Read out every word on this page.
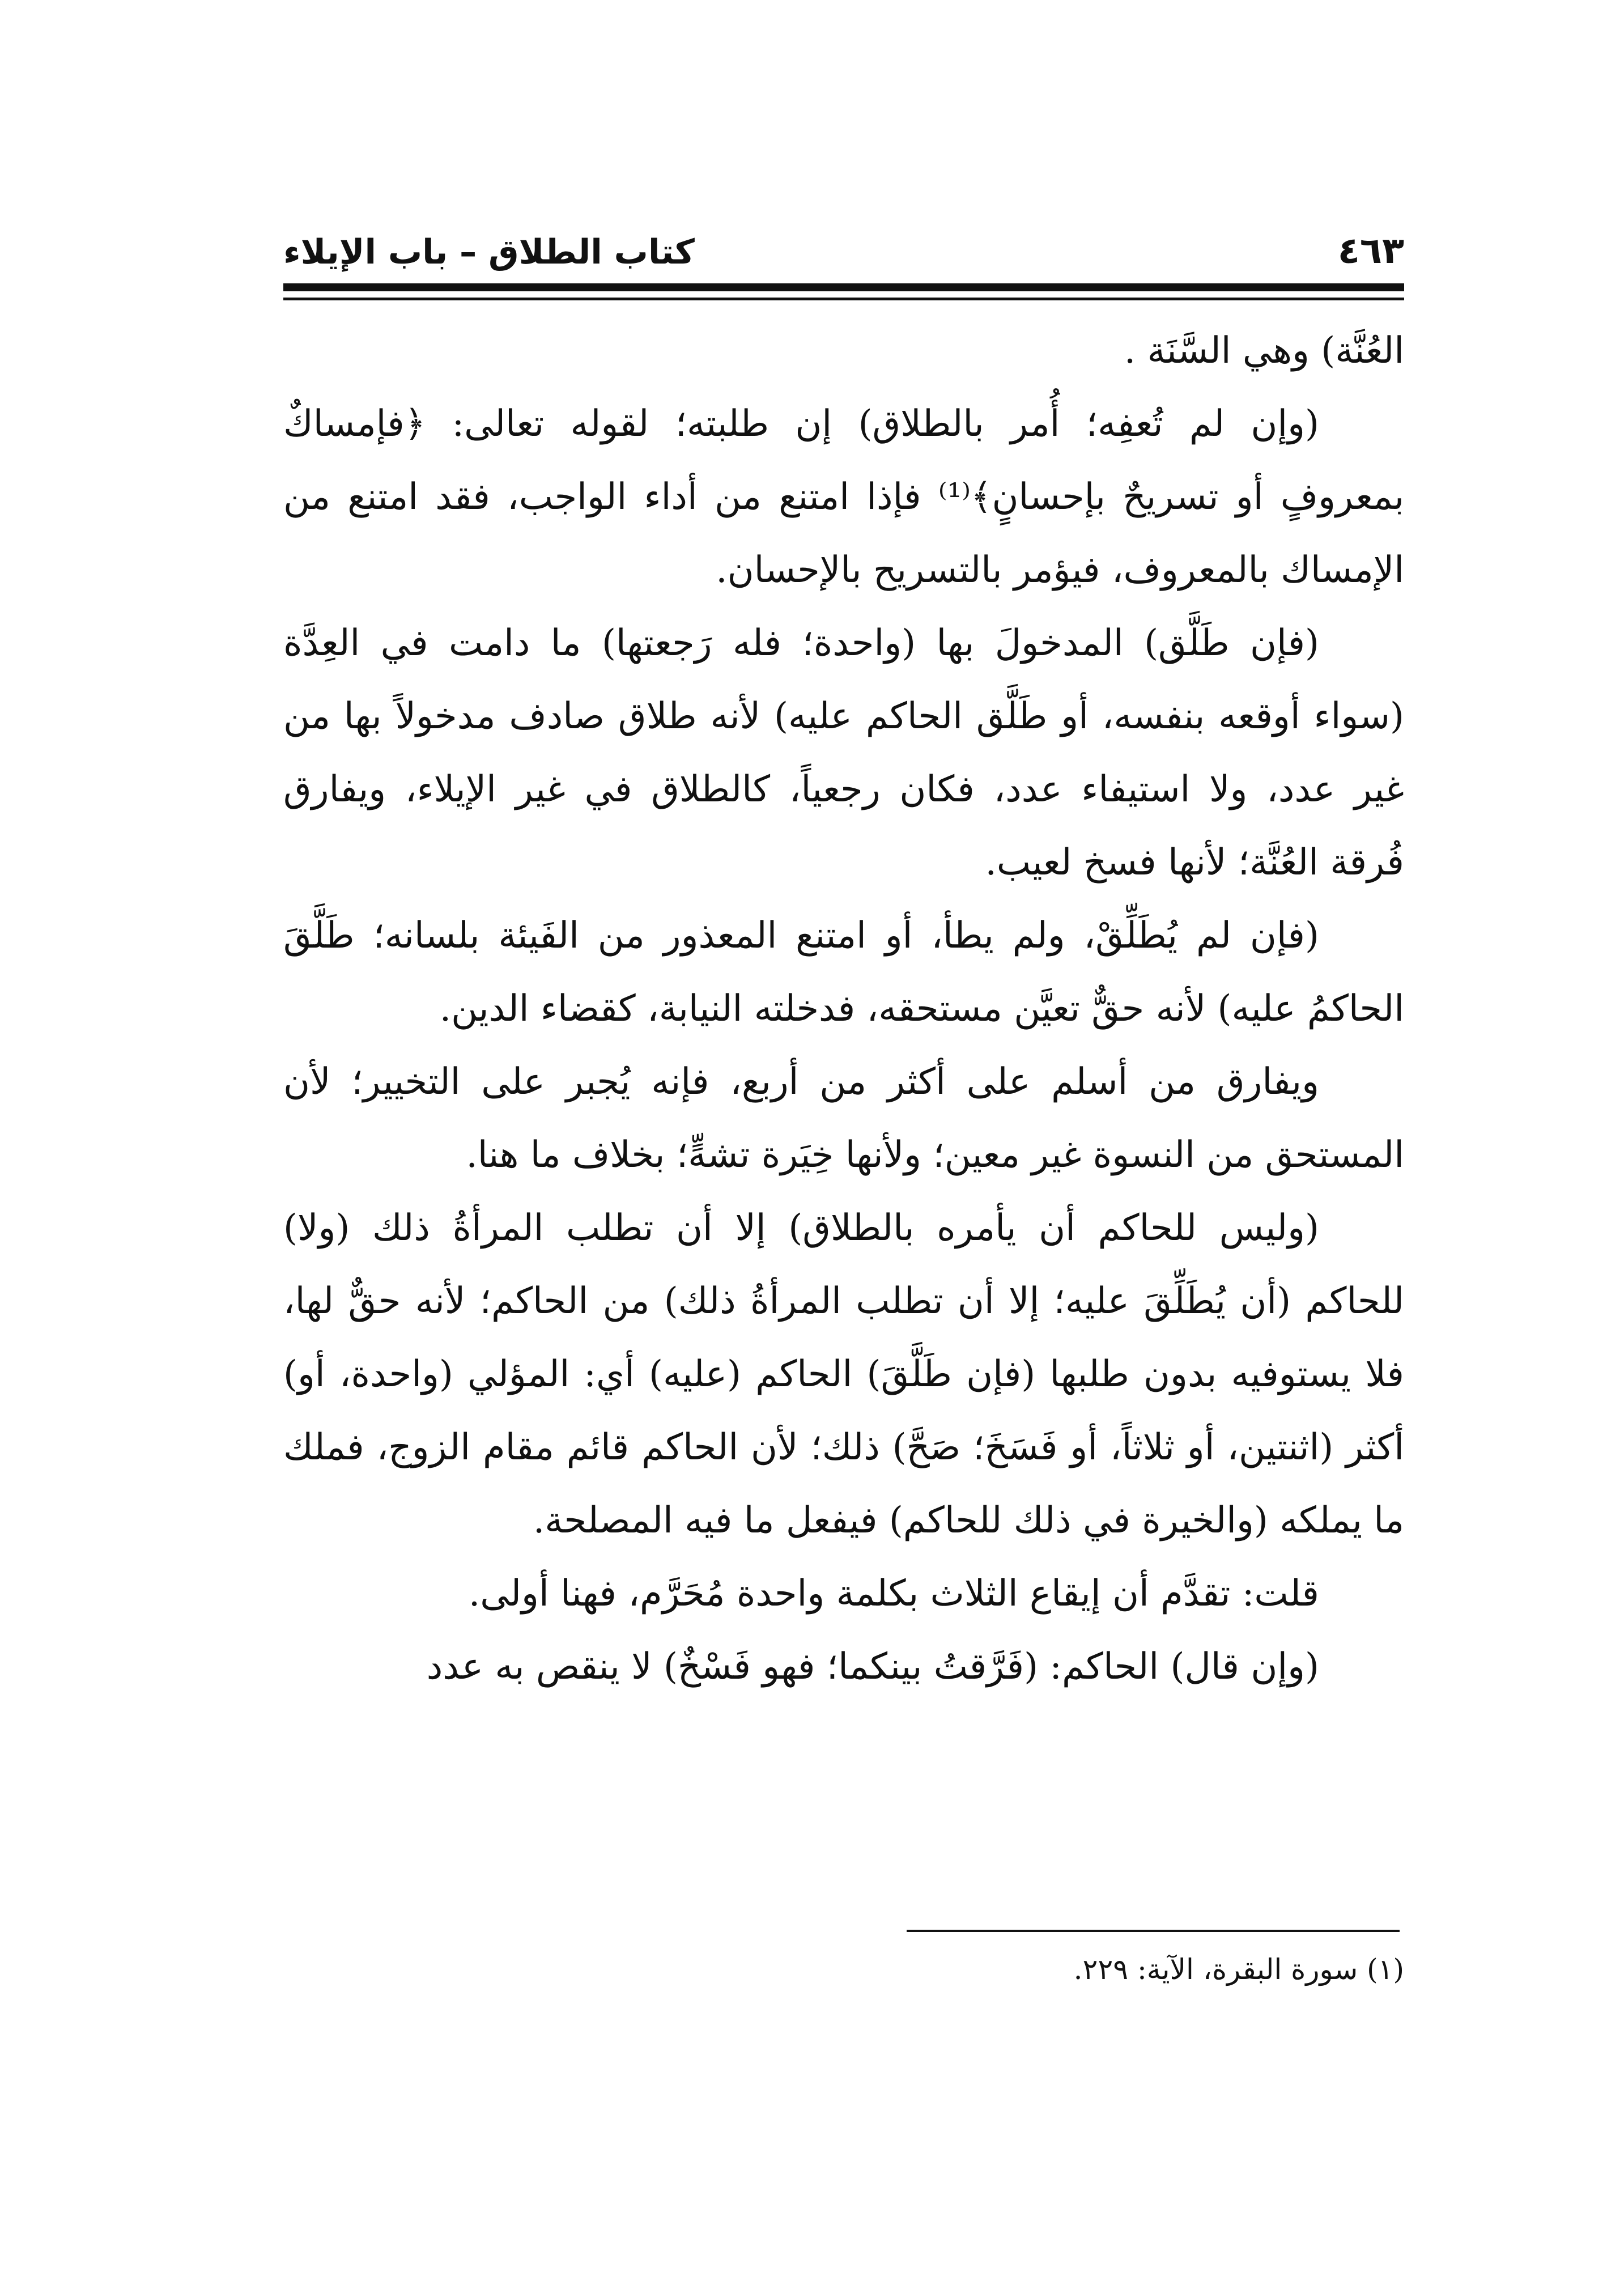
كتاب الطلاق – باب الإيلاء	٤٦٣

العُنَّة) وهي السَّنَة .

(وإن لم تُعفِه؛ أُمر بالطلاق) إن طلبته؛ لقوله تعالى: ﴿فإمساكٌ بمعروفٍ أو تسريحٌ بإحسانٍ﴾⁽¹⁾ فإذا امتنع من أداء الواجب، فقد امتنع من الإمساك بالمعروف، فيؤمر بالتسريح بالإحسان.

(فإن طَلَّق) المدخولَ بها (واحدة؛ فله رَجعتها) ما دامت في العِدَّة (سواء أوقعه بنفسه، أو طَلَّق الحاكم عليه) لأنه طلاق صادف مدخولاً بها من غير عدد، ولا استيفاء عدد، فكان رجعياً، كالطلاق في غير الإيلاء، ويفارق فُرقة العُنَّة؛ لأنها فسخ لعيب.

(فإن لم يُطَلِّقْ، ولم يطأ، أو امتنع المعذور من الفَيئة بلسانه؛ طَلَّقَ الحاكمُ عليه) لأنه حقٌّ تعيَّن مستحقه، فدخلته النيابة، كقضاء الدين.

ويفارق من أسلم على أكثر من أربع، فإنه يُجبر على التخيير؛ لأن المستحق من النسوة غير معين؛ ولأنها خِيَرة تشهٍّ؛ بخلاف ما هنا.

(وليس للحاكم أن يأمره بالطلاق) إلا أن تطلب المرأةُ ذلك (ولا) للحاكم (أن يُطَلِّقَ عليه؛ إلا أن تطلب المرأةُ ذلك) من الحاكم؛ لأنه حقٌّ لها، فلا يستوفيه بدون طلبها (فإن طَلَّقَ) الحاكم (عليه) أي: المؤلي (واحدة، أو) أكثر (اثنتين، أو ثلاثاً، أو فَسَخَ؛ صَحَّ) ذلك؛ لأن الحاكم قائم مقام الزوج، فملك ما يملكه (والخيرة في ذلك للحاكم) فيفعل ما فيه المصلحة.

قلت: تقدَّم أن إيقاع الثلاث بكلمة واحدة مُحَرَّم، فهنا أولى.

(وإن قال) الحاكم: (فَرَّقتُ بينكما؛ فهو فَسْخٌ) لا ينقص به عدد

(١) سورة البقرة، الآية: ٢٢٩.
